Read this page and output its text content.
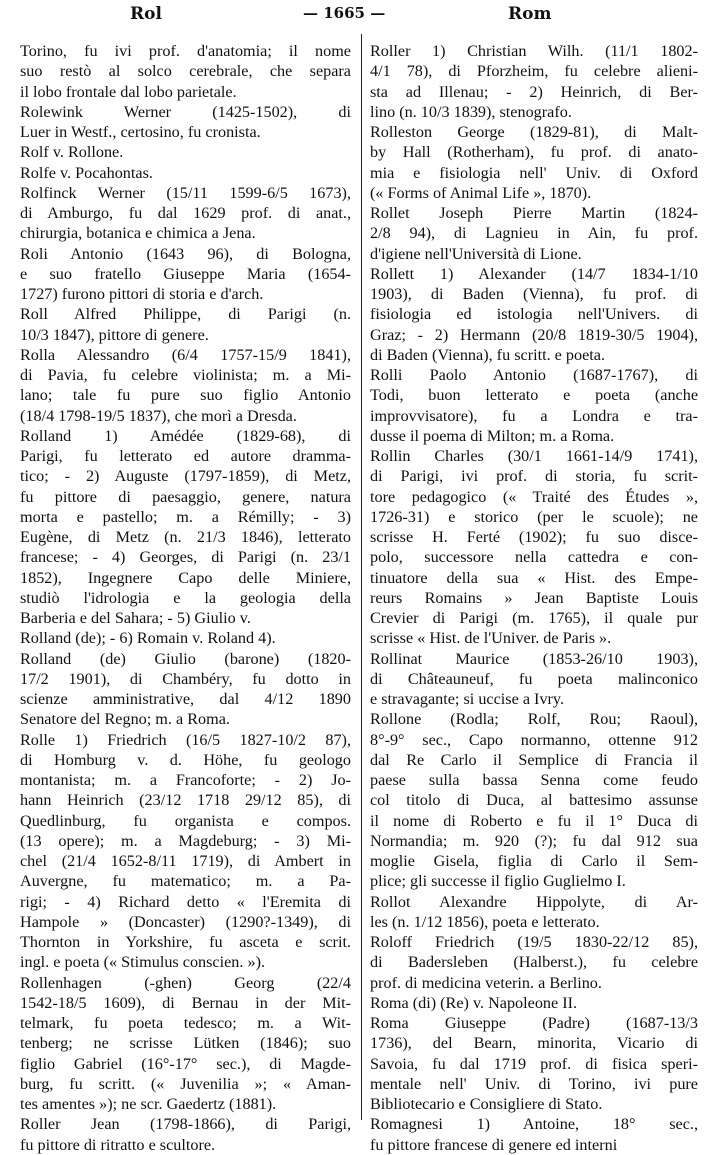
Rol	— 1665 —	Rom
Torino, fu ivi prof. d'anatomia; il nome
suo restò al solco cerebrale, che separa
il lobo frontale dal lobo parietale.
Rolewink Werner (1425-1502), di
Luer in Westf., certosino, fu cronista.
Rolf v. Rollone.
Rolfe v. Pocahontas.
Rolfinck Werner (15/11 1599-6/5 1673),
di Amburgo, fu dal 1629 prof. di anat.,
chirurgia, botanica e chimica a Jena.
Roli Antonio (1643 96), di Bologna,
e suo fratello Giuseppe Maria (1654-
1727) furono pittori di storia e d'arch.
Roll Alfred Philippe, di Parigi (n.
10/3 1847), pittore di genere.
Rolla Alessandro (6/4 1757-15/9 1841),
di Pavia, fu celebre violinista; m. a Mi-
lano; tale fu pure suo figlio Antonio
(18/4 1798-19/5 1837), che morì a Dresda.
Rolland 1) Amédée (1829-68), di
Parigi, fu letterato ed autore dramma-
tico; - 2) Auguste (1797-1859), di Metz,
fu pittore di paesaggio, genere, natura
morta e pastello; m. a Rémilly; - 3)
Eugène, di Metz (n. 21/3 1846), letterato
francese; - 4) Georges, di Parigi (n. 23/1
1852), Ingegnere Capo delle Miniere,
studiò l'idrologia e la geologia della
Barberia e del Sahara; - 5) Giulio v.
Rolland (de); - 6) Romain v. Roland 4).
Rolland (de) Giulio (barone) (1820-
17/2 1901), di Chambéry, fu dotto in
scienze amministrative, dal 4/12 1890
Senatore del Regno; m. a Roma.
Rolle 1) Friedrich (16/5 1827-10/2 87),
di Homburg v. d. Höhe, fu geologo
montanista; m. a Francoforte; - 2) Jo-
hann Heinrich (23/12 1718 29/12 85), di
Quedlinburg, fu organista e compos.
(13 opere); m. a Magdeburg; - 3) Mi-
chel (21/4 1652-8/11 1719), di Ambert in
Auvergne, fu matematico; m. a Pa-
rigi; - 4) Richard detto « l'Eremita di
Hampole » (Doncaster) (1290?-1349), di
Thornton in Yorkshire, fu asceta e scrit.
ingl. e poeta (« Stimulus conscien. »).
Rollenhagen (-ghen) Georg (22/4
1542-18/5 1609), di Bernau in der Mit-
telmark, fu poeta tedesco; m. a Wit-
tenberg; ne scrisse Lütken (1846); suo
figlio Gabriel (16°-17° sec.), di Magde-
burg, fu scritt. (« Juvenilia »; « Aman-
tes amentes »); ne scr. Gaedertz (1881).
Roller Jean (1798-1866), di Parigi,
fu pittore di ritratto e scultore.
Roller 1) Christian Wilh. (11/1 1802-
4/1 78), di Pforzheim, fu celebre alieni-
sta ad Illenau; - 2) Heinrich, di Ber-
lino (n. 10/3 1839), stenografo.
Rolleston George (1829-81), di Malt-
by Hall (Rotherham), fu prof. di anato-
mia e fisiologia nell' Univ. di Oxford
(« Forms of Animal Life », 1870).
Rollet Joseph Pierre Martin (1824-
2/8 94), di Lagnieu in Ain, fu prof.
d'igiene nell'Università di Lione.
Rollett 1) Alexander (14/7 1834-1/10
1903), di Baden (Vienna), fu prof. di
fisiologia ed istologia nell'Univers. di
Graz; - 2) Hermann (20/8 1819-30/5 1904),
di Baden (Vienna), fu scritt. e poeta.
Rolli Paolo Antonio (1687-1767), di
Todi, buon letterato e poeta (anche
improvvisatore), fu a Londra e tra-
dusse il poema di Milton; m. a Roma.
Rollin Charles (30/1 1661-14/9 1741),
di Parigi, ivi prof. di storia, fu scrit-
tore pedagogico (« Traité des Études »,
1726-31) e storico (per le scuole); ne
scrisse H. Ferté (1902); fu suo disce-
polo, successore nella cattedra e con-
tinuatore della sua « Hist. des Empe-
reurs Romains » Jean Baptiste Louis
Crevier di Parigi (m. 1765), il quale pur
scrisse « Hist. de l'Univer. de Paris ».
Rollinat Maurice (1853-26/10 1903),
di Châteauneuf, fu poeta malinconico
e stravagante; si uccise a Ivry.
Rollone (Rodla; Rolf, Rou; Raoul),
8°-9° sec., Capo normanno, ottenne 912
dal Re Carlo il Semplice di Francia il
paese sulla bassa Senna come feudo
col titolo di Duca, al battesimo assunse
il nome di Roberto e fu il 1° Duca di
Normandia; m. 920 (?); fu dal 912 sua
moglie Gisela, figlia di Carlo il Sem-
plice; gli successe il figlio Guglielmo I.
Rollot Alexandre Hippolyte, di Ar-
les (n. 1/12 1856), poeta e letterato.
Roloff Friedrich (19/5 1830-22/12 85),
di Badersleben (Halberst.), fu celebre
prof. di medicina veterin. a Berlino.
Roma (di) (Re) v. Napoleone II.
Roma Giuseppe (Padre) (1687-13/3
1736), del Bearn, minorita, Vicario di
Savoia, fu dal 1719 prof. di fisica speri-
mentale nell' Univ. di Torino, ivi pure
Bibliotecario e Consigliere di Stato.
Romagnesi 1) Antoine, 18° sec.,
fu pittore francese di genere ed interni
